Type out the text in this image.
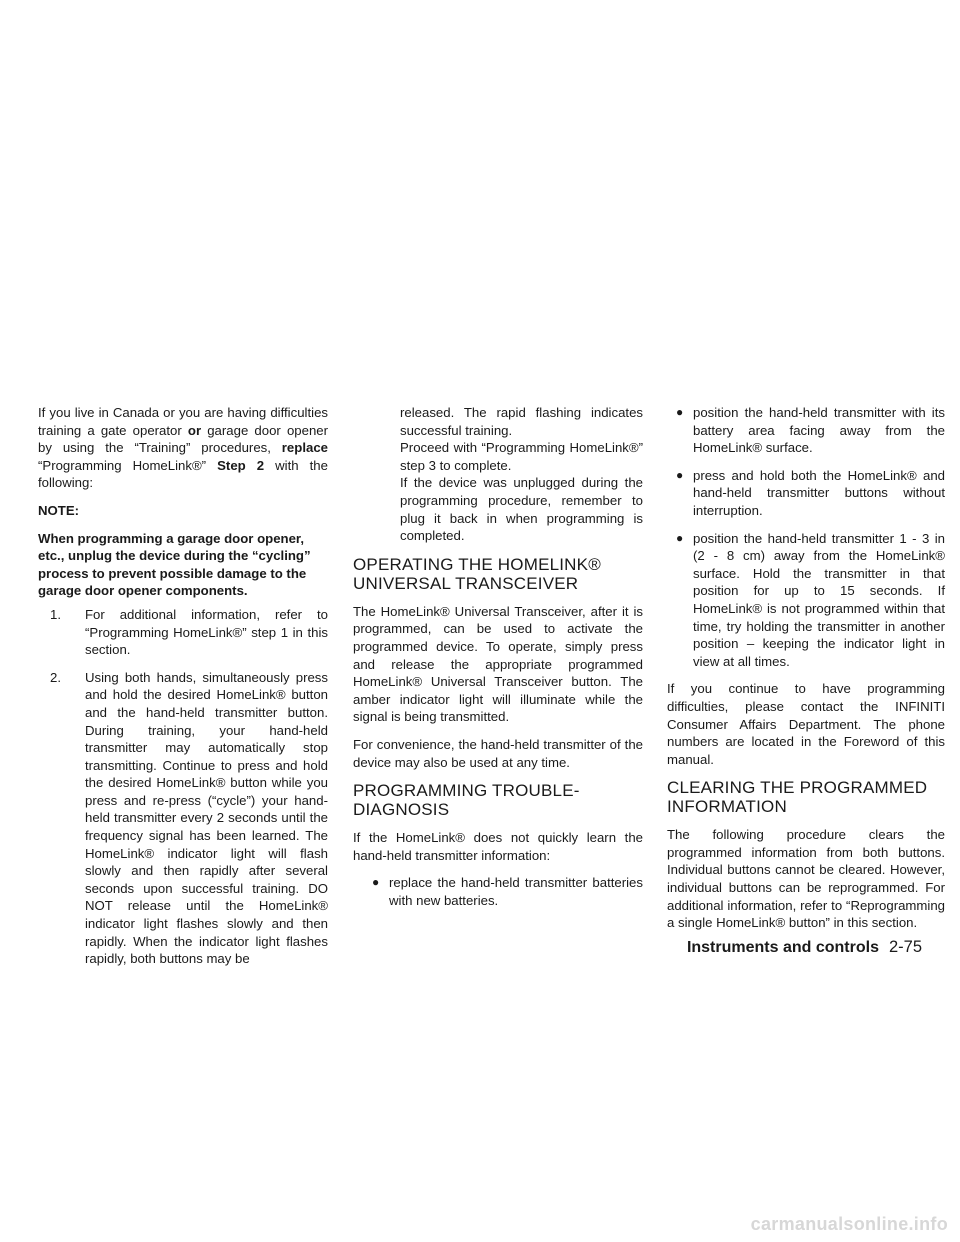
If you live in Canada or you are having difficulties training a gate operator or garage door opener by using the “Training” procedures, replace “Programming HomeLink®” Step 2 with the following:

NOTE:

When programming a garage door opener, etc., unplug the device during the “cycling” process to prevent possible damage to the garage door opener components.

1. For additional information, refer to “Programming HomeLink®” step 1 in this section.
2. Using both hands, simultaneously press and hold the desired HomeLink® button and the hand-held transmitter button. During training, your hand-held transmitter may automatically stop transmitting. Continue to press and hold the desired HomeLink® button while you press and re-press (“cycle”) your hand-held transmitter every 2 seconds until the frequency signal has been learned. The HomeLink® indicator light will flash slowly and then rapidly after several seconds upon successful training. DO NOT release until the HomeLink® indicator light flashes slowly and then rapidly. When the indicator light flashes rapidly, both buttons may be

released. The rapid flashing indicates successful training.

Proceed with “Programming HomeLink®” step 3 to complete.

If the device was unplugged during the programming procedure, remember to plug it back in when programming is completed.

OPERATING THE HOMELINK® UNIVERSAL TRANSCEIVER

The HomeLink® Universal Transceiver, after it is programmed, can be used to activate the programmed device. To operate, simply press and release the appropriate programmed HomeLink® Universal Transceiver button. The amber indicator light will illuminate while the signal is being transmitted.

For convenience, the hand-held transmitter of the device may also be used at any time.

PROGRAMMING TROUBLE-DIAGNOSIS

If the HomeLink® does not quickly learn the hand-held transmitter information:

● replace the hand-held transmitter batteries with new batteries.
● position the hand-held transmitter with its battery area facing away from the HomeLink® surface.
● press and hold both the HomeLink® and hand-held transmitter buttons without interruption.
● position the hand-held transmitter 1 - 3 in (2 - 8 cm) away from the HomeLink® surface. Hold the transmitter in that position for up to 15 seconds. If HomeLink® is not programmed within that time, try holding the transmitter in another position – keeping the indicator light in view at all times.

If you continue to have programming difficulties, please contact the INFINITI Consumer Affairs Department. The phone numbers are located in the Foreword of this manual.

CLEARING THE PROGRAMMED INFORMATION

The following procedure clears the programmed information from both buttons. Individual buttons cannot be cleared. However, individual buttons can be reprogrammed. For additional information, refer to “Reprogramming a single HomeLink® button” in this section.

Instruments and controls 2-75
carmanualsonline.info
